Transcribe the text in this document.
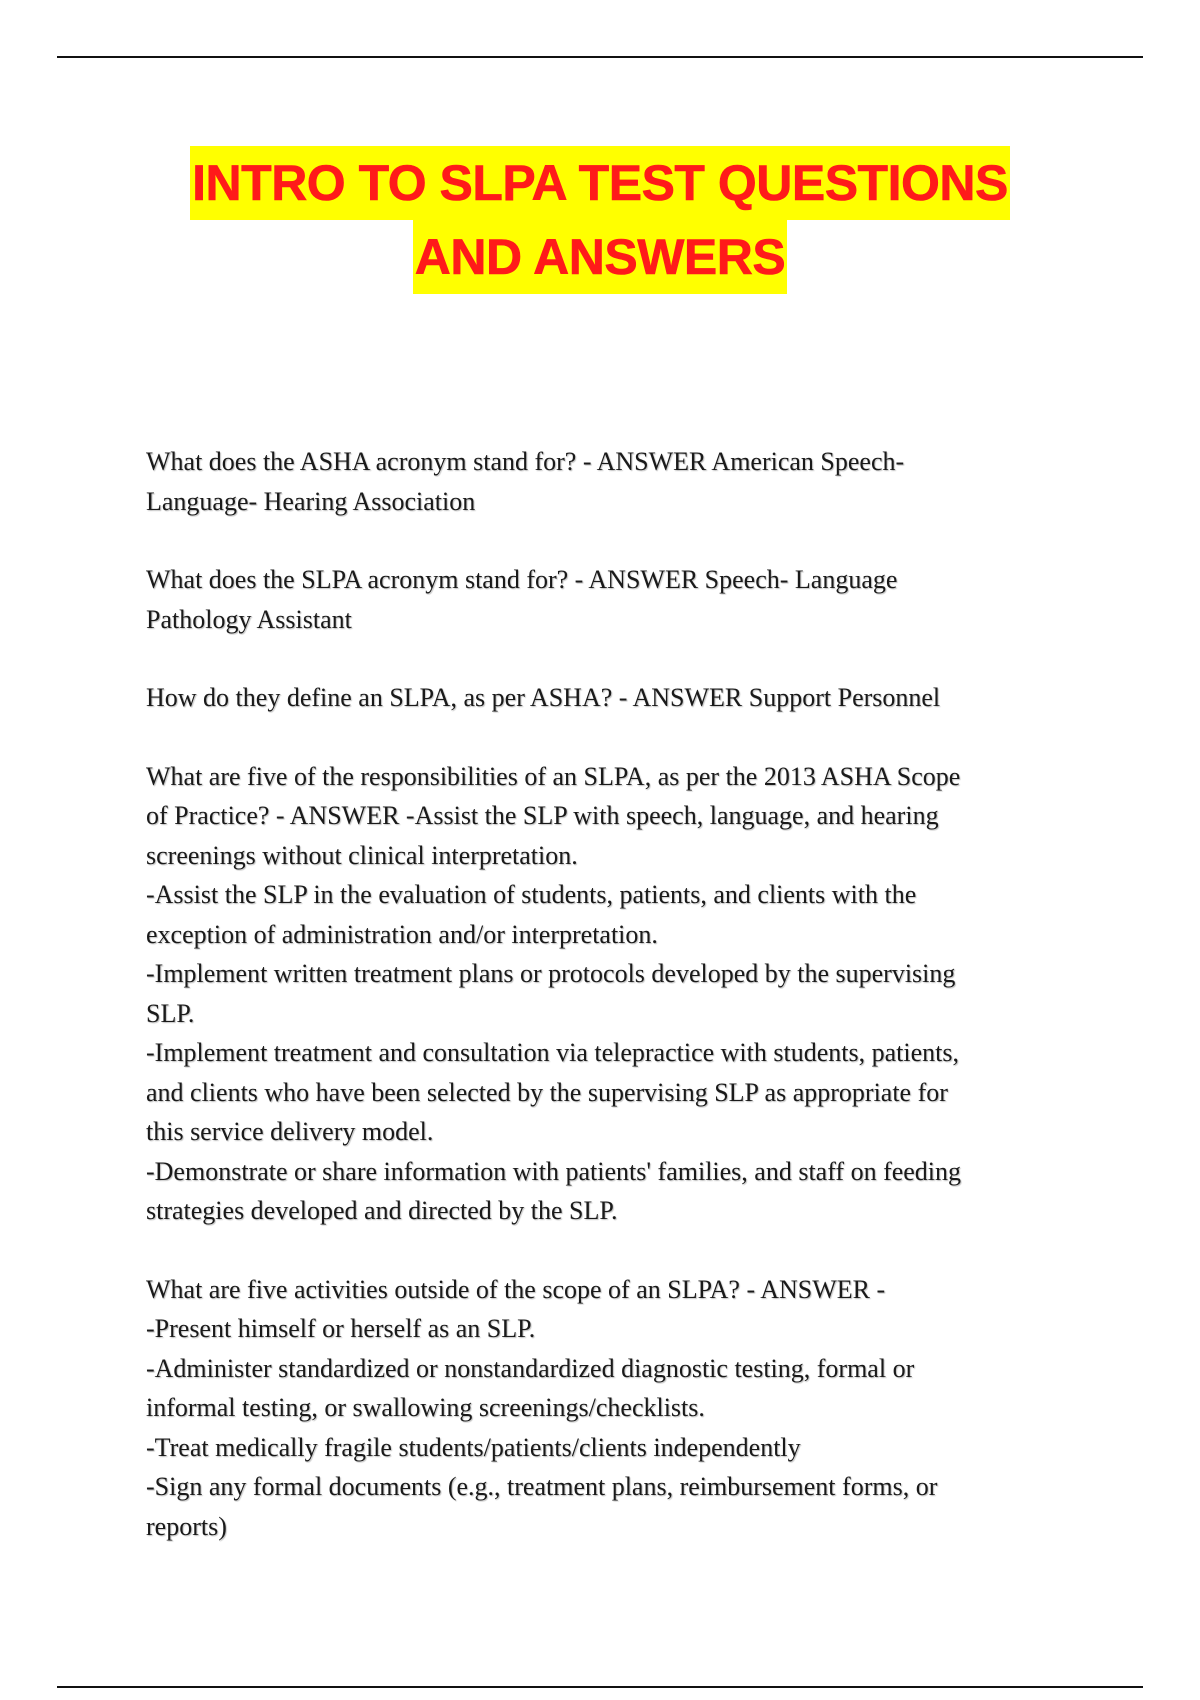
INTRO TO SLPA TEST QUESTIONS
AND ANSWERS

What does the ASHA acronym stand for? - ANSWER American Speech-

Language- Hearing Association

What does the SLPA acronym stand for? - ANSWER Speech- Language

Pathology Assistant

How do they define an SLPA, as per ASHA? - ANSWER Support Personnel

What are five of the responsibilities of an SLPA, as per the 2013 ASHA Scope

of Practice? - ANSWER -Assist the SLP with speech, language, and hearing

screenings without clinical interpretation.

-Assist the SLP in the evaluation of students, patients, and clients with the

exception of administration and/or interpretation.

-Implement written treatment plans or protocols developed by the supervising

SLP.

-Implement treatment and consultation via telepractice with students, patients,

and clients who have been selected by the supervising SLP as appropriate for

this service delivery model.

-Demonstrate or share information with patients' families, and staff on feeding

strategies developed and directed by the SLP.

What are five activities outside of the scope of an SLPA? - ANSWER -

-Present himself or herself as an SLP.

-Administer standardized or nonstandardized diagnostic testing, formal or

informal testing, or swallowing screenings/checklists.

-Treat medically fragile students/patients/clients independently

-Sign any formal documents (e.g., treatment plans, reimbursement forms, or

reports)
